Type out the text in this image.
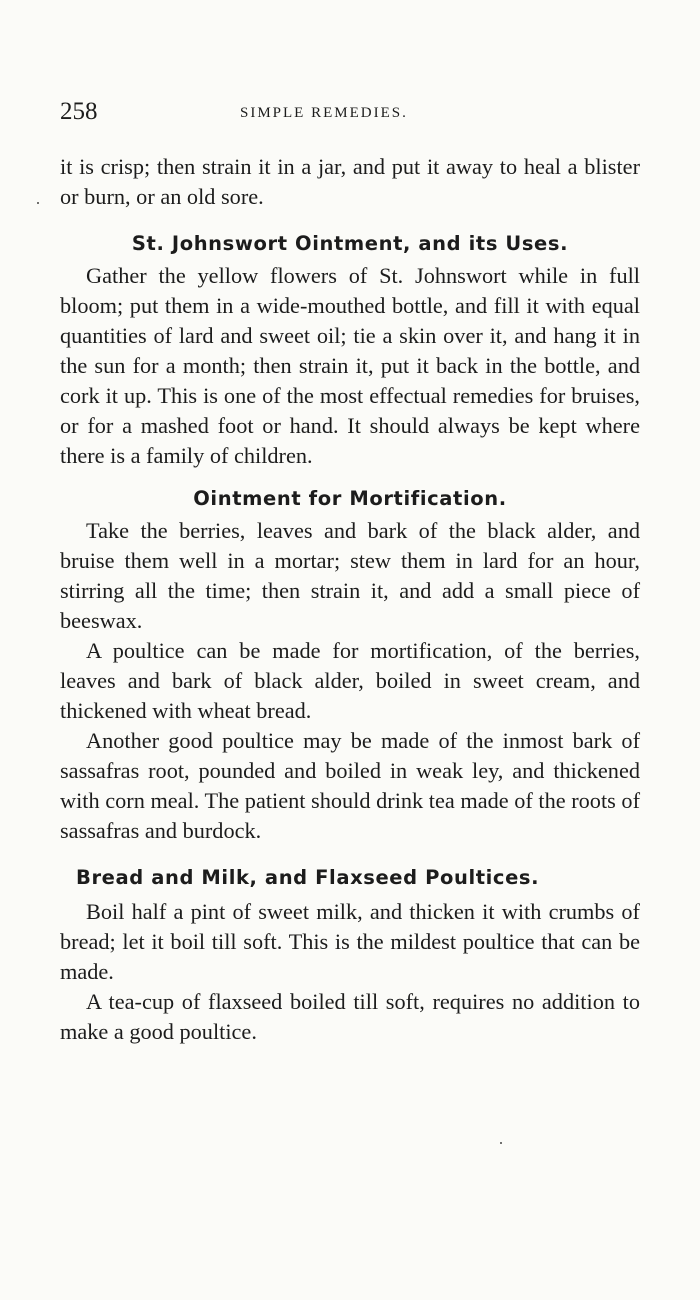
258	SIMPLE REMEDIES.

it is crisp; then strain it in a jar, and put it away to heal a blister or burn, or an old sore.

St. Johnswort Ointment, and its Uses.

Gather the yellow flowers of St. Johnswort while in full bloom; put them in a wide-mouthed bottle, and fill it with equal quantities of lard and sweet oil; tie a skin over it, and hang it in the sun for a month; then strain it, put it back in the bottle, and cork it up. This is one of the most effectual remedies for bruises, or for a mashed foot or hand. It should always be kept where there is a family of children.

Ointment for Mortification.

Take the berries, leaves and bark of the black alder, and bruise them well in a mortar; stew them in lard for an hour, stirring all the time; then strain it, and add a small piece of beeswax.

A poultice can be made for mortification, of the berries, leaves and bark of black alder, boiled in sweet cream, and thickened with wheat bread.

Another good poultice may be made of the inmost bark of sassafras root, pounded and boiled in weak ley, and thickened with corn meal. The patient should drink tea made of the roots of sassafras and burdock.

Bread and Milk, and Flaxseed Poultices.

Boil half a pint of sweet milk, and thicken it with crumbs of bread; let it boil till soft. This is the mildest poultice that can be made.

A tea-cup of flaxseed boiled till soft, requires no addition to make a good poultice.
